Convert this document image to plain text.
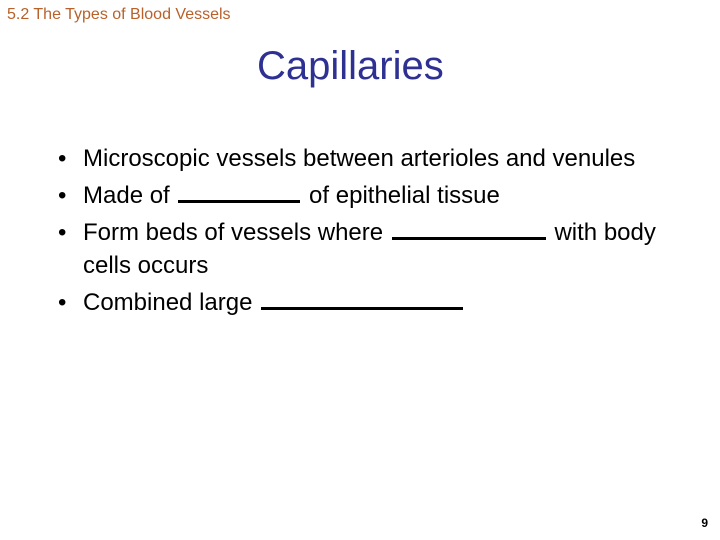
5.2 The Types of Blood Vessels
Capillaries
• Microscopic vessels between arterioles and venules
• Made of	of epithelial tissue
• Form beds of vessels where	with body cells occurs
• Combined large
9
